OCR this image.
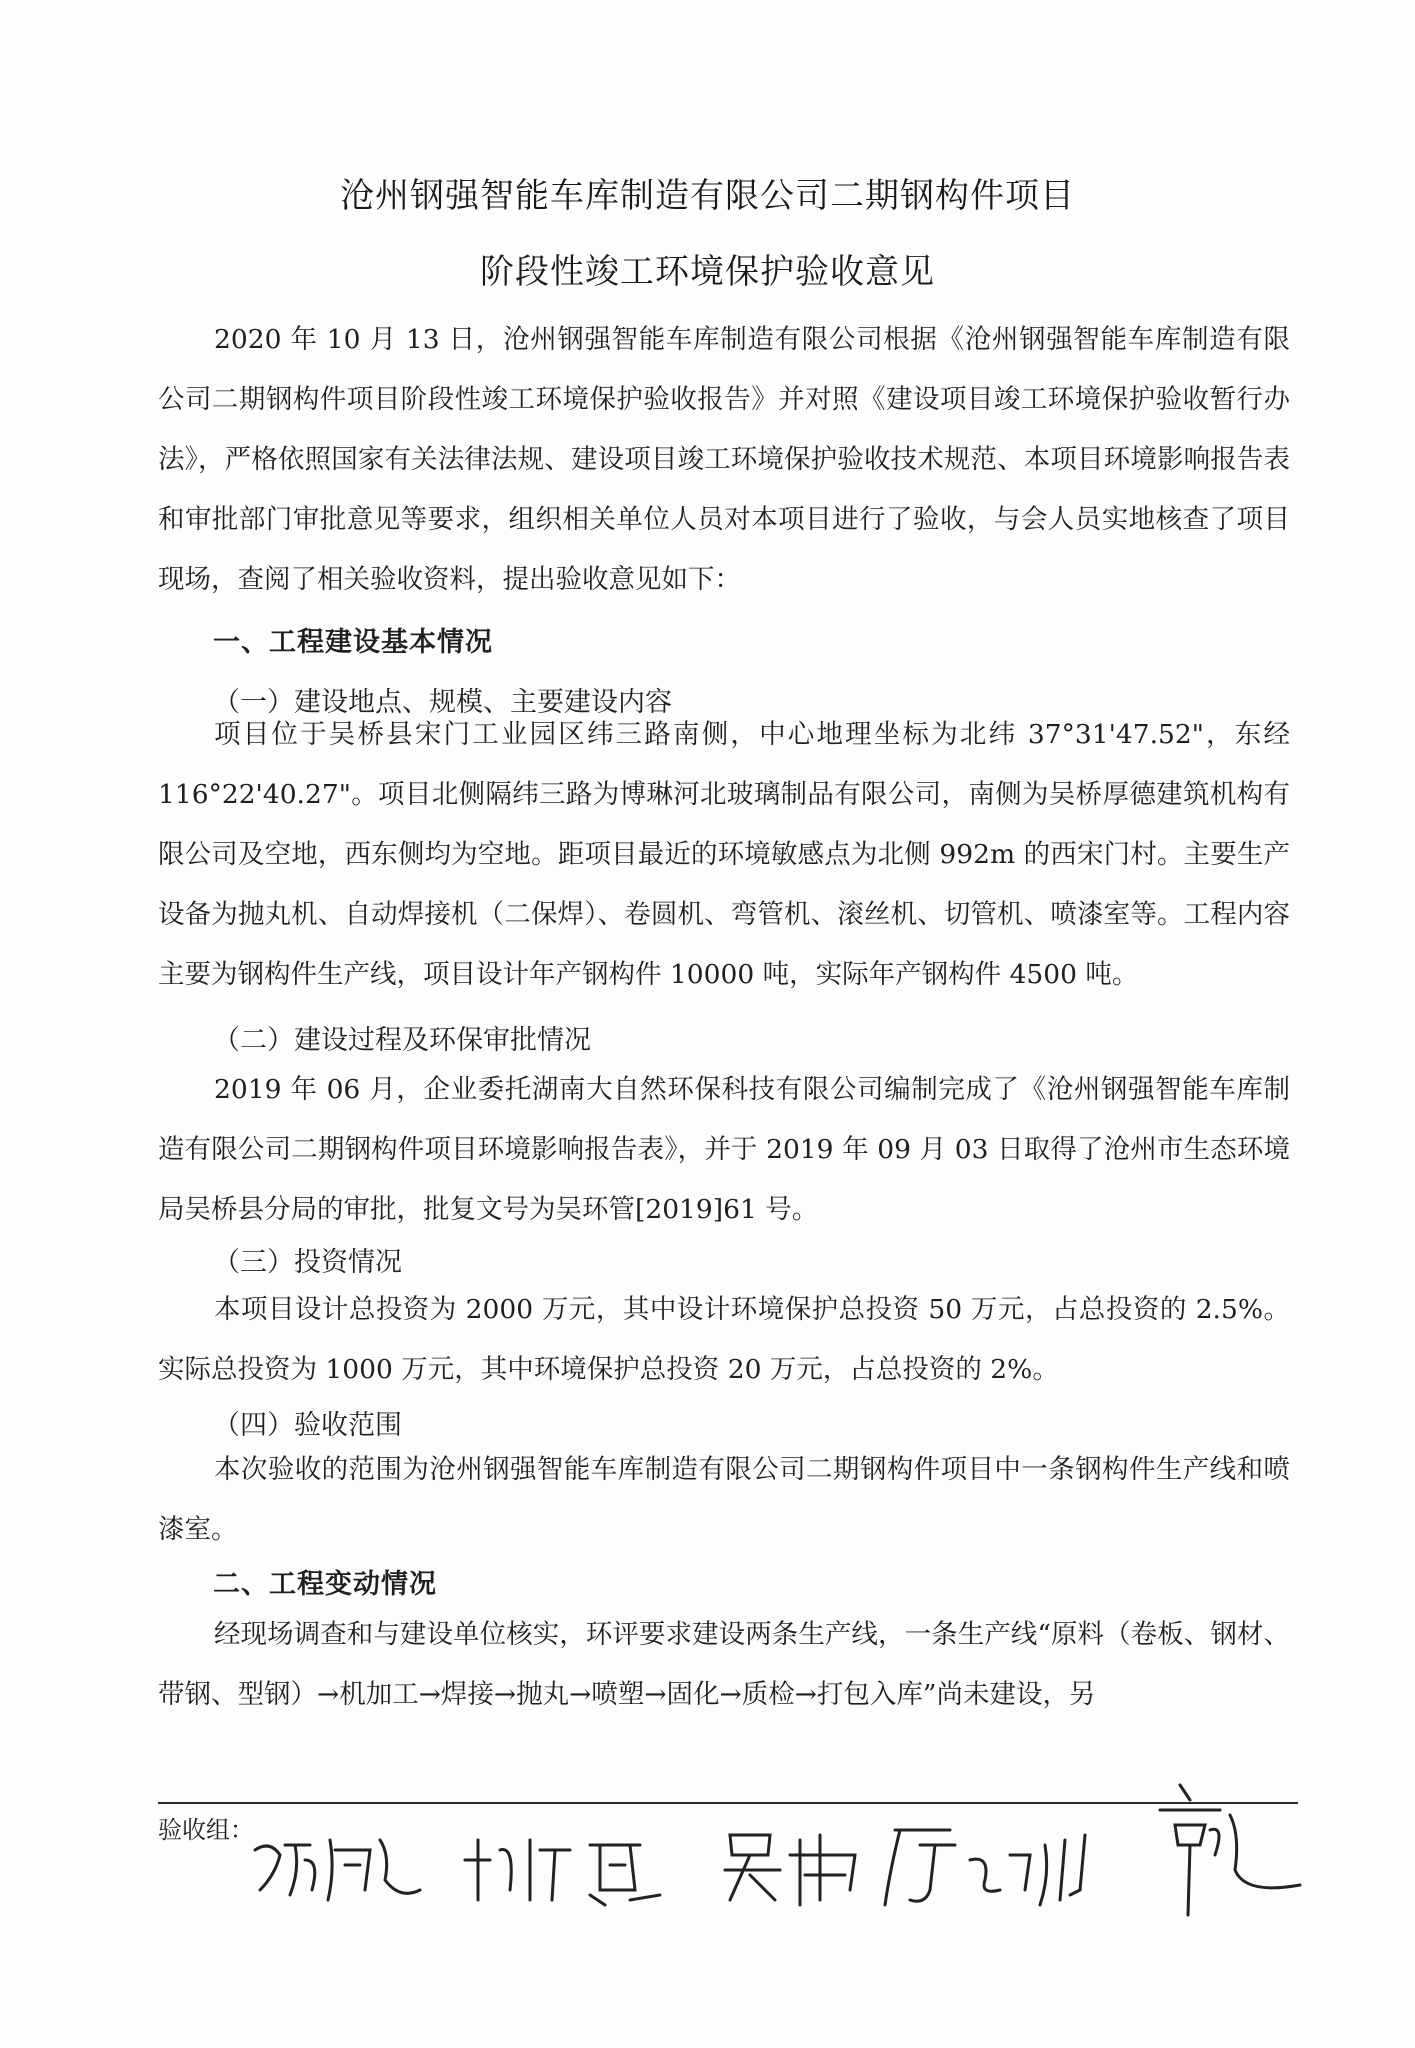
沧州钢强智能车库制造有限公司二期钢构件项目
阶段性竣工环境保护验收意见

2020 年 10 月 13 日，沧州钢强智能车库制造有限公司根据《沧州钢强智能车库制造有限公司二期钢构件项目阶段性竣工环境保护验收报告》并对照《建设项目竣工环境保护验收暂行办法》，严格依照国家有关法律法规、建设项目竣工环境保护验收技术规范、本项目环境影响报告表和审批部门审批意见等要求，组织相关单位人员对本项目进行了验收，与会人员实地核查了项目现场，查阅了相关验收资料，提出验收意见如下：

一、工程建设基本情况
（一）建设地点、规模、主要建设内容

项目位于吴桥县宋门工业园区纬三路南侧，中心地理坐标为北纬 37°31'47.52"，东经 116°22'40.27"。项目北侧隔纬三路为博琳河北玻璃制品有限公司，南侧为吴桥厚德建筑机构有限公司及空地，西东侧均为空地。距项目最近的环境敏感点为北侧 992m 的西宋门村。主要生产设备为抛丸机、自动焊接机（二保焊）、卷圆机、弯管机、滚丝机、切管机、喷漆室等。工程内容主要为钢构件生产线，项目设计年产钢构件 10000 吨，实际年产钢构件 4500 吨。

（二）建设过程及环保审批情况

2019 年 06 月，企业委托湖南大自然环保科技有限公司编制完成了《沧州钢强智能车库制造有限公司二期钢构件项目环境影响报告表》，并于 2019 年 09 月 03 日取得了沧州市生态环境局吴桥县分局的审批，批复文号为吴环管[2019]61 号。

（三）投资情况

本项目设计总投资为 2000 万元，其中设计环境保护总投资 50 万元，占总投资的 2.5%。实际总投资为 1000 万元，其中环境保护总投资 20 万元，占总投资的 2%。

（四）验收范围

本次验收的范围为沧州钢强智能车库制造有限公司二期钢构件项目中一条钢构件生产线和喷漆室。

二、工程变动情况

经现场调查和与建设单位核实，环评要求建设两条生产线，一条生产线“原料（卷板、钢材、带钢、型钢）→机加工→焊接→抛丸→喷塑→固化→质检→打包入库”尚未建设，另

验收组：
